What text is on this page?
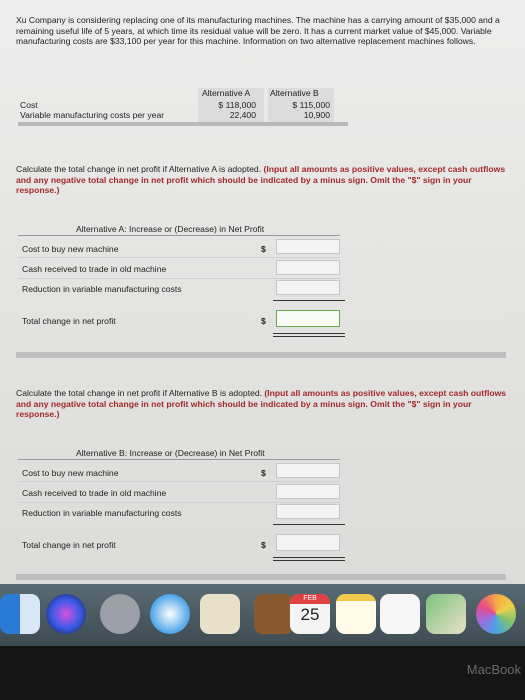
Xu Company is considering replacing one of its manufacturing machines. The machine has a carrying amount of $35,000 and a remaining useful life of 5 years, at which time its residual value will be zero. It has a current market value of $45,000. Variable manufacturing costs are $33,100 per year for this machine. Information on two alternative replacement machines follows.
Alternative A Alternative B
Cost	$ 118,000	$ 115,000
Variable manufacturing costs per year	22,400	10,900
Calculate the total change in net profit if Alternative A is adopted. (Input all amounts as positive values, except cash outflows and any negative total change in net profit which should be indicated by a minus sign. Omit the "$" sign in your response.)
Alternative A: Increase or (Decrease) in Net Profit
Cost to buy new machine	$
Cash received to trade in old machine
Reduction in variable manufacturing costs
Total change in net profit	$
Calculate the total change in net profit if Alternative B is adopted. (Input all amounts as positive values, except cash outflows and any negative total change in net profit which should be indicated by a minus sign. Omit the "$" sign in your response.)
Alternative B: Increase or (Decrease) in Net Profit
Cost to buy new machine	$
Cash received to trade in old machine
Reduction in variable manufacturing costs
Total change in net profit	$
FEB
25
MacBook
